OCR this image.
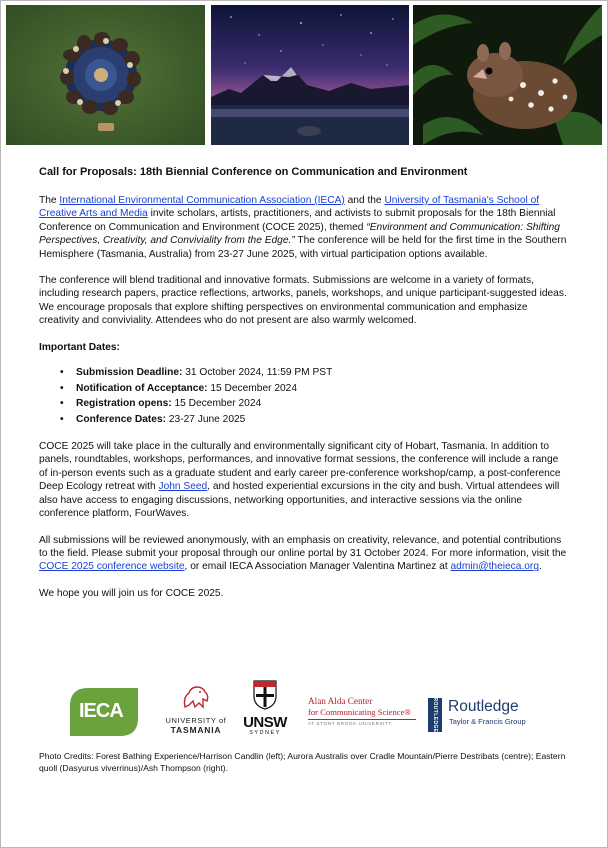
Call for Proposals: 18th Biennial Conference on Communication and Environment

The International Environmental Communication Association (IECA) and the University of Tasmania's School of Creative Arts and Media invite scholars, artists, practitioners, and activists to submit proposals for the 18th Biennial Conference on Communication and Environment (COCE 2025), themed “Environment and Communication: Shifting Perspectives, Creativity, and Conviviality from the Edge.” The conference will be held for the first time in the Southern Hemisphere (Tasmania, Australia) from 23-27 June 2025, with virtual participation options available.

The conference will blend traditional and innovative formats. Submissions are welcome in a variety of formats, including research papers, practice reflections, artworks, panels, workshops, and unique participant-suggested ideas. We encourage proposals that explore shifting perspectives on environmental communication and emphasize creativity and conviviality. Attendees who do not present are also warmly welcomed.

Important Dates:

• Submission Deadline: 31 October 2024, 11:59 PM PST
• Notification of Acceptance: 15 December 2024
• Registration opens: 15 December 2024
• Conference Dates: 23-27 June 2025

COCE 2025 will take place in the culturally and environmentally significant city of Hobart, Tasmania. In addition to panels, roundtables, workshops, performances, and innovative format sessions, the conference will include a range of in-person events such as a graduate student and early career pre-conference workshop/camp, a post-conference Deep Ecology retreat with John Seed, and hosted experiential excursions in the city and bush. Virtual attendees will also have access to engaging discussions, networking opportunities, and interactive sessions via the online conference platform, FourWaves.

All submissions will be reviewed anonymously, with an emphasis on creativity, relevance, and potential contributions to the field. Please submit your proposal through our online portal by 31 October 2024. For more information, visit the COCE 2025 conference website, or email IECA Association Manager Valentina Martinez at admin@theieca.org.

We hope you will join us for COCE 2025.

IECA	UNIVERSITY of
TASMANIA	UNSW
SYDNEY
Alan Alda Center
for Communicating Science®
AT STONY BROOK UNIVERSITY	ROUTLEDGE Routledge
Taylor & Francis Group
Photo Credits: Forest Bathing Experience/Harrison Candlin (left); Aurora Australis over Cradle Mountain/Pierre Destribats (centre); Eastern quoll (Dasyurus viverrinus)/Ash Thompson (right).
